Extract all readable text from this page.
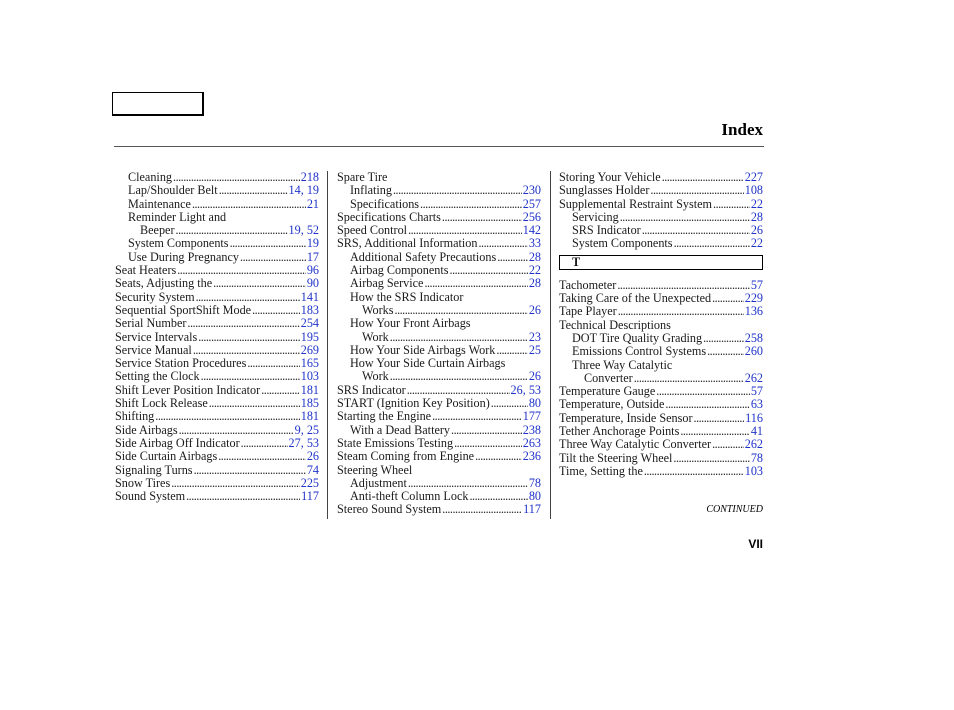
Index
Cleaning .....	218
Lap/Shoulder Belt .....	14, 19
Maintenance .....	21
Reminder Light and
Beeper .....	19, 52
System Components .....	19
Use During Pregnancy .....	17
Seat Heaters .....	96
Seats, Adjusting the .....	90
Security System .....	141
Sequential SportShift Mode .....	183
Serial Number .....	254
Service Intervals .....	195
Service Manual .....	269
Service Station Procedures .....	165
Setting the Clock .....	103
Shift Lever Position Indicator .....	181
Shift Lock Release .....	185
Shifting .....	181
Side Airbags .....	9, 25
Side Airbag Off Indicator .....	27, 53
Side Curtain Airbags .....	26
Signaling Turns .....	74
Snow Tires .....	225
Sound System .....	117
Spare Tire
Inflating .....	230
Specifications .....	257
Specifications Charts .....	256
Speed Control .....	142
SRS, Additional Information .....	33
Additional Safety Precautions .....	28
Airbag Components .....	22
Airbag Service .....	28
How the SRS Indicator
Works .....	26
How Your Front Airbags
Work .....	23
How Your Side Airbags Work .....	25
How Your Side Curtain Airbags
Work .....	26
SRS Indicator .....	26, 53
START (Ignition Key Position) .....	80
Starting the Engine .....	177
With a Dead Battery .....	238
State Emissions Testing .....	263
Steam Coming from Engine .....	236
Steering Wheel
Adjustment .....	78
Anti-theft Column Lock .....	80
Stereo Sound System .....	117
Storing Your Vehicle .....	227
Sunglasses Holder .....	108
Supplemental Restraint System .....	22
Servicing .....	28
SRS Indicator .....	26
System Components .....	22
T
Tachometer .....	57
Taking Care of the Unexpected .....	229
Tape Player .....	136
Technical Descriptions
DOT Tire Quality Grading .....	258
Emissions Control Systems .....	260
Three Way Catalytic
Converter .....	262
Temperature Gauge .....	57
Temperature, Outside .....	63
Temperature, Inside Sensor .....	116
Tether Anchorage Points .....	41
Three Way Catalytic Converter .....	262
Tilt the Steering Wheel .....	78
Time, Setting the .....	103
CONTINUED
VII
